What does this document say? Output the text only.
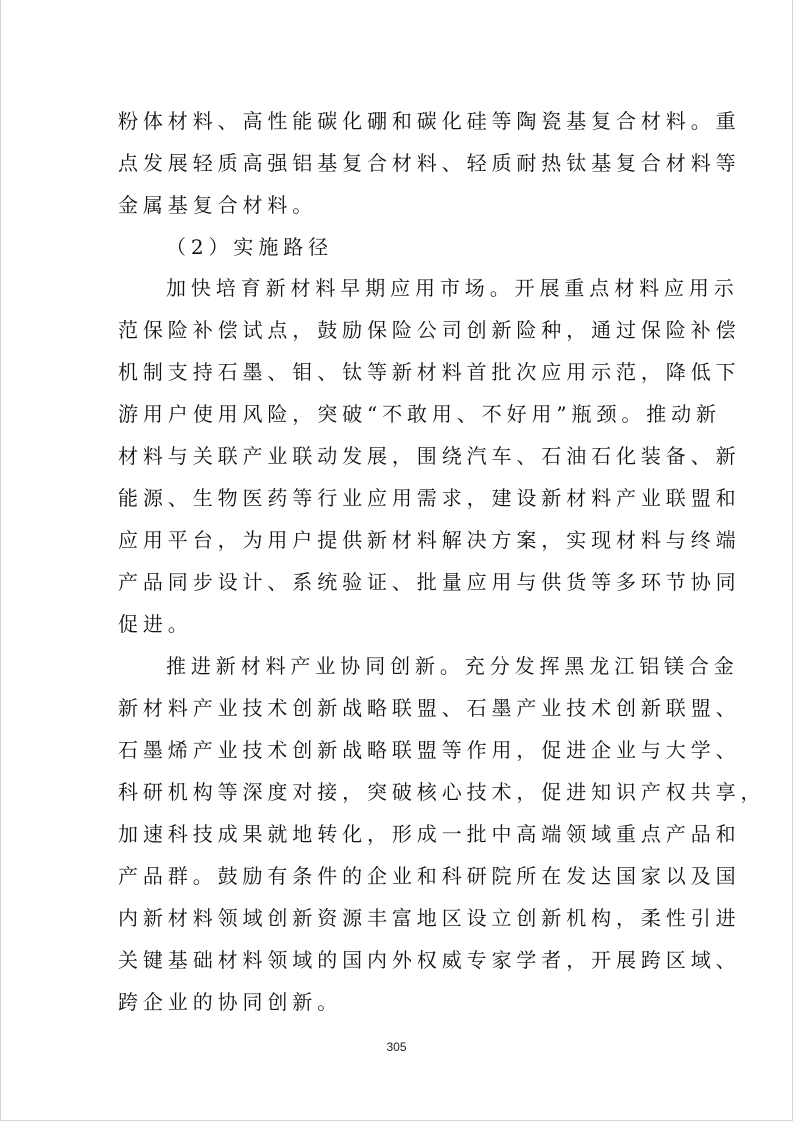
粉体材料、高性能碳化硼和碳化硅等陶瓷基复合材料。重

点发展轻质高强铝基复合材料、轻质耐热钛基复合材料等

金属基复合材料。

（2）实施路径

加快培育新材料早期应用市场。开展重点材料应用示

范保险补偿试点，鼓励保险公司创新险种，通过保险补偿

机制支持石墨、钼、钛等新材料首批次应用示范，降低下

游用户使用风险，突破“不敢用、不好用”瓶颈。推动新

材料与关联产业联动发展，围绕汽车、石油石化装备、新

能源、生物医药等行业应用需求，建设新材料产业联盟和

应用平台，为用户提供新材料解决方案，实现材料与终端

产品同步设计、系统验证、批量应用与供货等多环节协同

促进。

推进新材料产业协同创新。充分发挥黑龙江铝镁合金

新材料产业技术创新战略联盟、石墨产业技术创新联盟、

石墨烯产业技术创新战略联盟等作用，促进企业与大学、

科研机构等深度对接，突破核心技术，促进知识产权共享，

加速科技成果就地转化，形成一批中高端领域重点产品和

产品群。鼓励有条件的企业和科研院所在发达国家以及国

内新材料领域创新资源丰富地区设立创新机构，柔性引进

关键基础材料领域的国内外权威专家学者，开展跨区域、

跨企业的协同创新。

305
